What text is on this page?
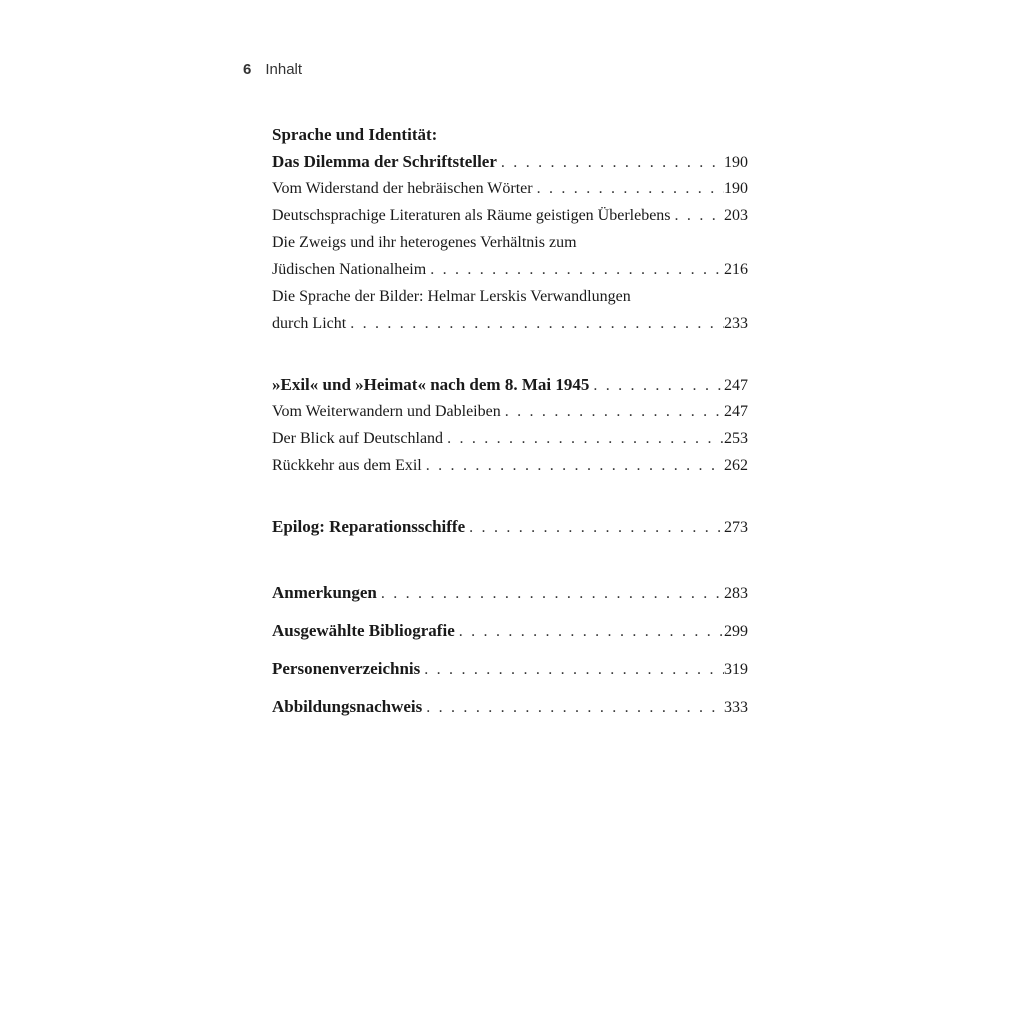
6 Inhalt
Sprache und Identität:
Das Dilemma der Schriftsteller . . .	190
Vom Widerstand der hebräischen Wörter . . .	190
Deutschsprachige Literaturen als Räume geistigen Überlebens . . .	203
Die Zweigs und ihr heterogenes Verhältnis zum
Jüdischen Nationalheim . . .	216
Die Sprache der Bilder: Helmar Lerskis Verwandlungen
durch Licht . . .	233
»Exil« und »Heimat« nach dem 8. Mai 1945 . . .	247
Vom Weiterwandern und Dableiben . . .	247
Der Blick auf Deutschland . . .	253
Rückkehr aus dem Exil . . .	262
Epilog: Reparationsschiffe . . .	273
Anmerkungen . . .	283
Ausgewählte Bibliografie . . .	299
Personenverzeichnis . . .	319
Abbildungsnachweis . . .	333
